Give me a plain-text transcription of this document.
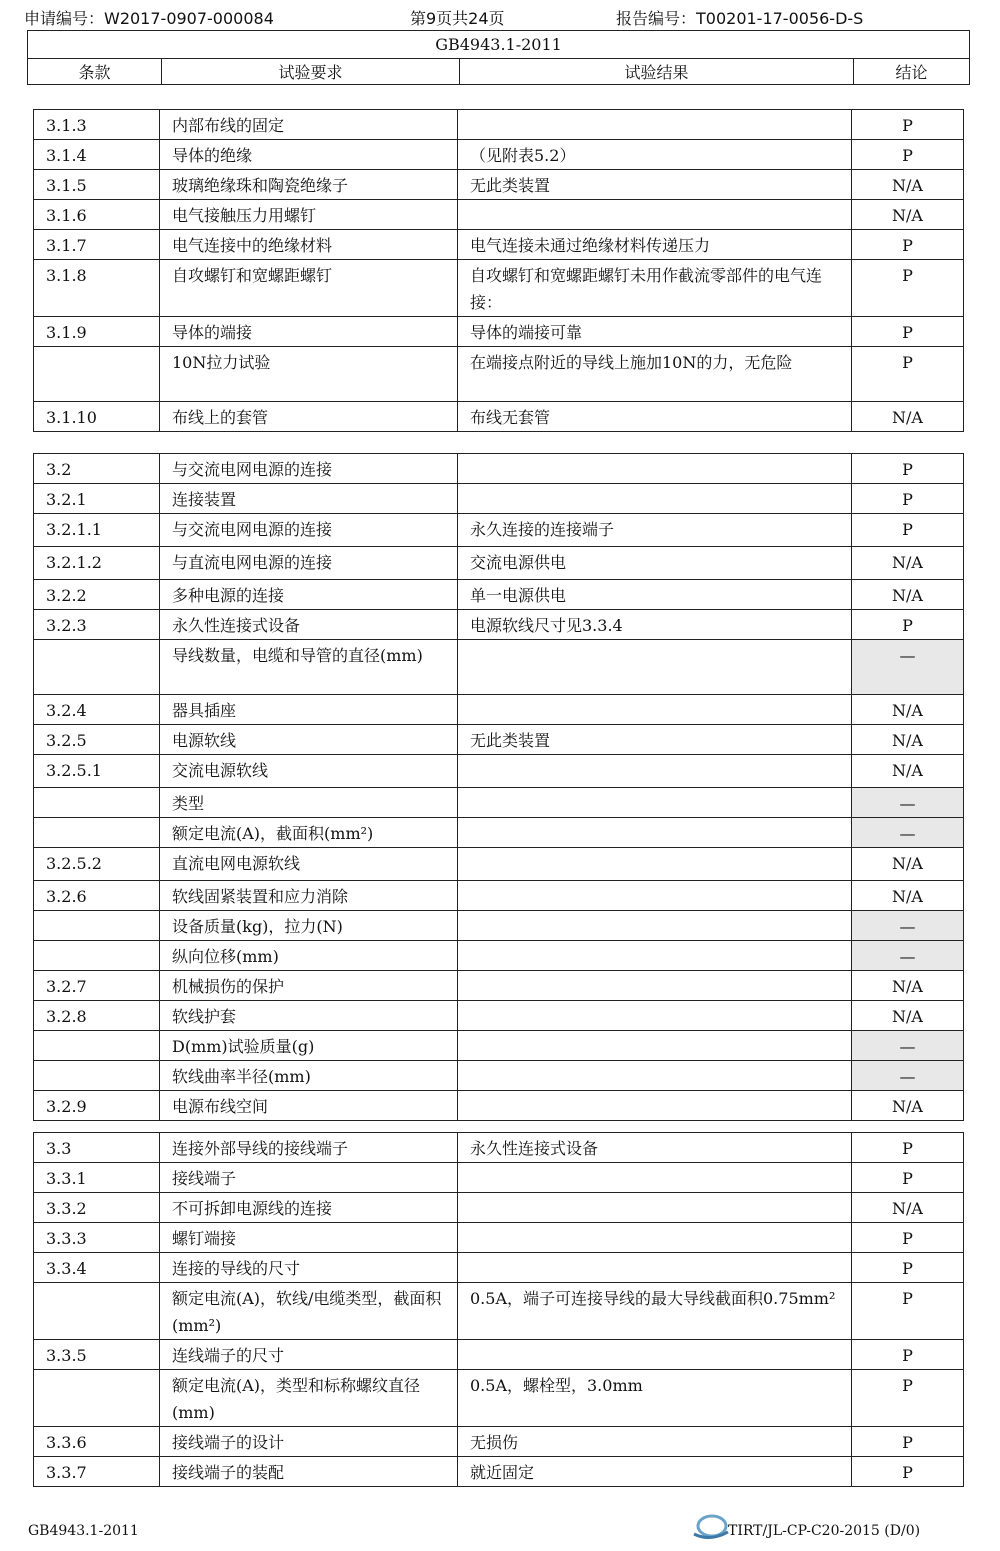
申请编号：W2017-0907-000084	第9页共24页	报告编号：T00201-17-0056-D-S
GB4943.1-2011
条款	试验要求	试验结果	结论
3.1.3	内部布线的固定		P
3.1.4	导体的绝缘	（见附表5.2）	P
3.1.5	玻璃绝缘珠和陶瓷绝缘子	无此类装置	N/A
3.1.6	电气接触压力用螺钉		N/A
3.1.7	电气连接中的绝缘材料	电气连接未通过绝缘材料传递压力	P
3.1.8	自攻螺钉和宽螺距螺钉	自攻螺钉和宽螺距螺钉未用作截流零部件的电气连接：	P
3.1.9	导体的端接	导体的端接可靠	P
	10N拉力试验	在端接点附近的导线上施加10N的力，无危险	P
3.1.10	布线上的套管	布线无套管	N/A
3.2	与交流电网电源的连接		P
3.2.1	连接装置		P
3.2.1.1	与交流电网电源的连接	永久连接的连接端子	P
3.2.1.2	与直流电网电源的连接	交流电源供电	N/A
3.2.2	多种电源的连接	单一电源供电	N/A
3.2.3	永久性连接式设备	电源软线尺寸见3.3.4	P
	导线数量，电缆和导管的直径(mm)		—
3.2.4	器具插座		N/A
3.2.5	电源软线	无此类装置	N/A
3.2.5.1	交流电源软线		N/A
	类型		—
	额定电流(A)，截面积(mm²)		—
3.2.5.2	直流电网电源软线		N/A
3.2.6	软线固紧装置和应力消除		N/A
	设备质量(kg)，拉力(N)		—
	纵向位移(mm)		—
3.2.7	机械损伤的保护		N/A
3.2.8	软线护套		N/A
	D(mm)试验质量(g)		—
	软线曲率半径(mm)		—
3.2.9	电源布线空间		N/A
3.3	连接外部导线的接线端子	永久性连接式设备	P
3.3.1	接线端子		P
3.3.2	不可拆卸电源线的连接		N/A
3.3.3	螺钉端接		P
3.3.4	连接的导线的尺寸		P
	额定电流(A)，软线/电缆类型，截面积(mm²)	0.5A，端子可连接导线的最大导线截面积0.75mm²	P
3.3.5	连线端子的尺寸		P
	额定电流(A)，类型和标称螺纹直径(mm)	0.5A，螺栓型，3.0mm	P
3.3.6	接线端子的设计	无损伤	P
3.3.7	接线端子的装配	就近固定	P
GB4943.1-2011	TIRT/JL-CP-C20-2015 (D/0)
